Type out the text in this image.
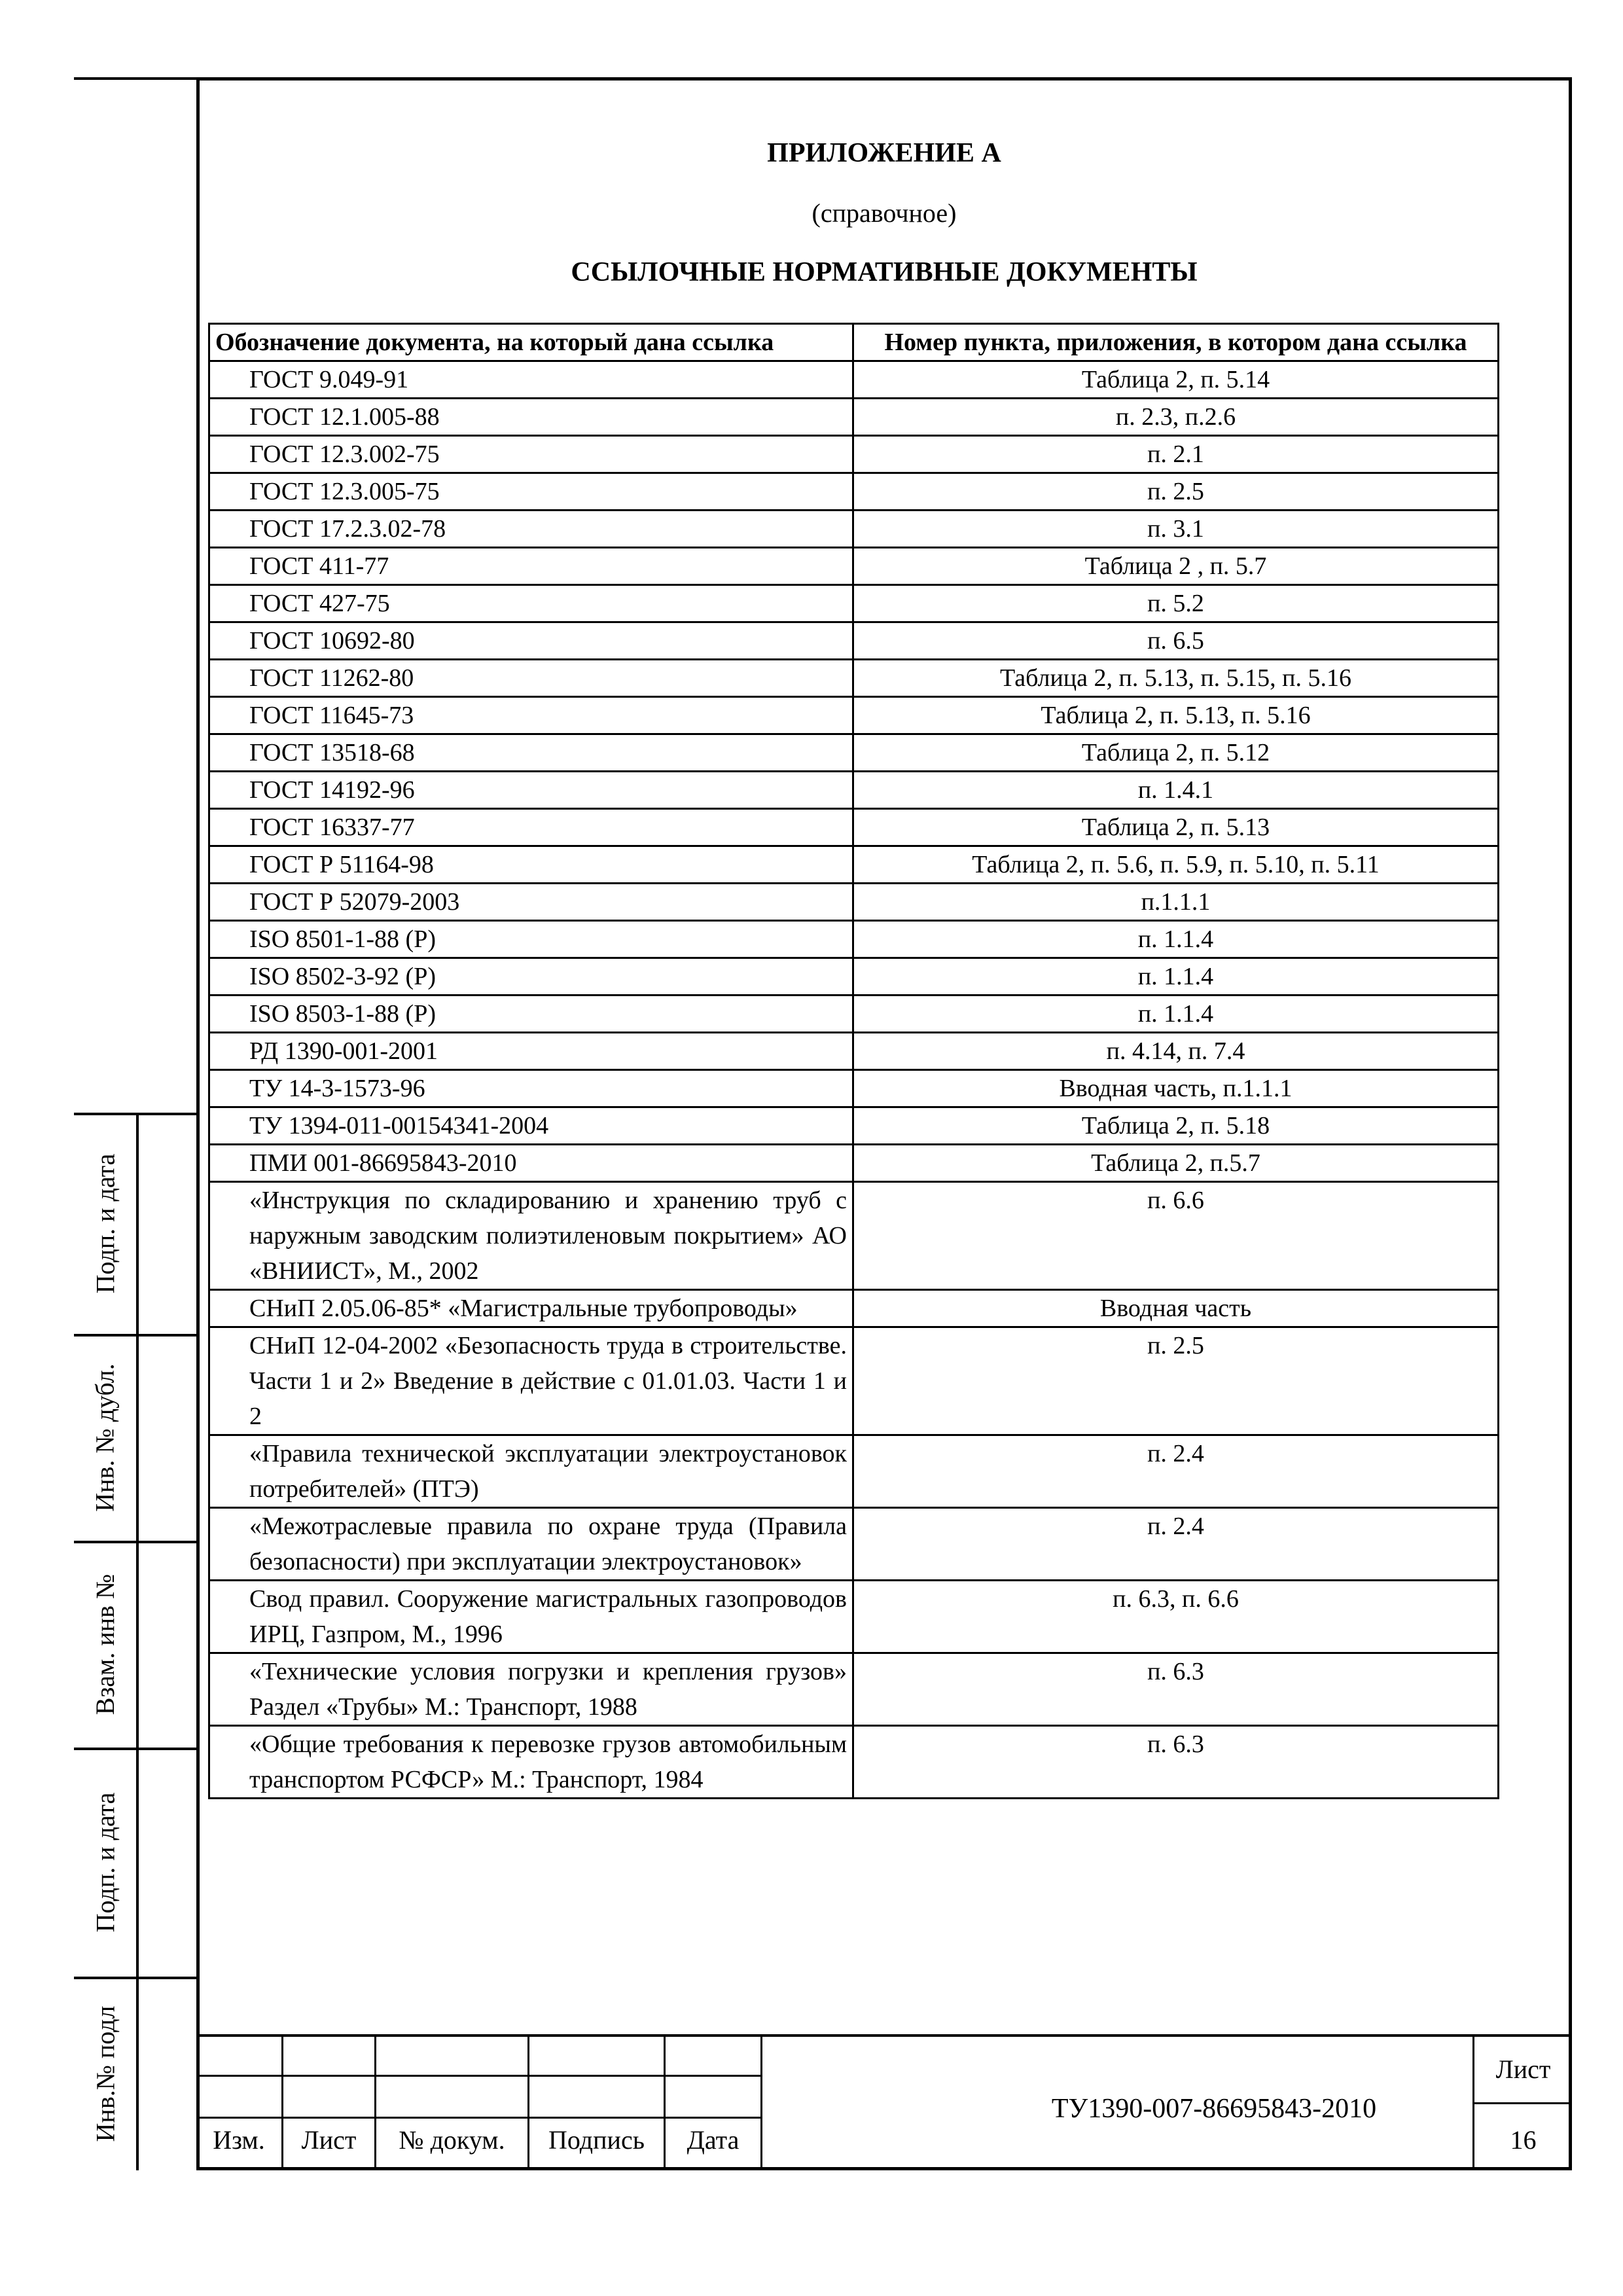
ПРИЛОЖЕНИЕ А
(справочное)
ССЫЛОЧНЫЕ НОРМАТИВНЫЕ ДОКУМЕНТЫ
Обозначение документа, на который дана ссылка	Номер пункта, приложения, в котором дана ссылка
ГОСТ 9.049-91	Таблица 2, п. 5.14
ГОСТ 12.1.005-88	п. 2.3, п.2.6
ГОСТ 12.3.002-75	п. 2.1
ГОСТ 12.3.005-75	п. 2.5
ГОСТ 17.2.3.02-78	п. 3.1
ГОСТ 411-77	Таблица 2 , п. 5.7
ГОСТ 427-75	п. 5.2
ГОСТ 10692-80	п. 6.5
ГОСТ 11262-80	Таблица 2, п. 5.13, п. 5.15, п. 5.16
ГОСТ 11645-73	Таблица 2, п. 5.13, п. 5.16
ГОСТ 13518-68	Таблица 2, п. 5.12
ГОСТ 14192-96	п. 1.4.1
ГОСТ 16337-77	Таблица 2, п. 5.13
ГОСТ Р 51164-98	Таблица 2, п. 5.6, п. 5.9, п. 5.10, п. 5.11
ГОСТ Р 52079-2003	п.1.1.1
ISO 8501-1-88 (Р)	п. 1.1.4
ISO 8502-3-92 (Р)	п. 1.1.4
ISO 8503-1-88 (Р)	п. 1.1.4
РД 1390-001-2001	п. 4.14, п. 7.4
ТУ 14-3-1573-96	Вводная часть, п.1.1.1
ТУ 1394-011-00154341-2004	Таблица 2, п. 5.18
ПМИ 001-86695843-2010	Таблица 2, п.5.7
«Инструкция по складированию и хранению труб с наружным заводским полиэтиленовым покрытием» АО «ВНИИСТ», М., 2002	п. 6.6
СНиП 2.05.06-85* «Магистральные трубопроводы»	Вводная часть
СНиП 12-04-2002 «Безопасность труда в строительстве. Части 1 и 2» Введение в действие с 01.01.03. Части 1 и 2	п. 2.5
«Правила технической эксплуатации электроустановок потребителей» (ПТЭ)	п. 2.4
«Межотраслевые правила по охране труда (Правила безопасности) при эксплуатации электроустановок»	п. 2.4
Свод правил. Сооружение магистральных газопроводов ИРЦ, Газпром, М., 1996	п. 6.3, п. 6.6
«Технические условия погрузки и крепления грузов» Раздел «Трубы» М.: Транспорт, 1988	п. 6.3
«Общие требования к перевозке грузов автомобильным транспортом РСФСР» М.: Транспорт, 1984	п. 6.3
Подп. и дата
Инв. № дубл.
Взам. инв №
Подп. и дата
Инв.№ подл	Изм.	Лист	№ докум.	Подпись	Дата
ТУ1390-007-86695843-2010
Лист
16
